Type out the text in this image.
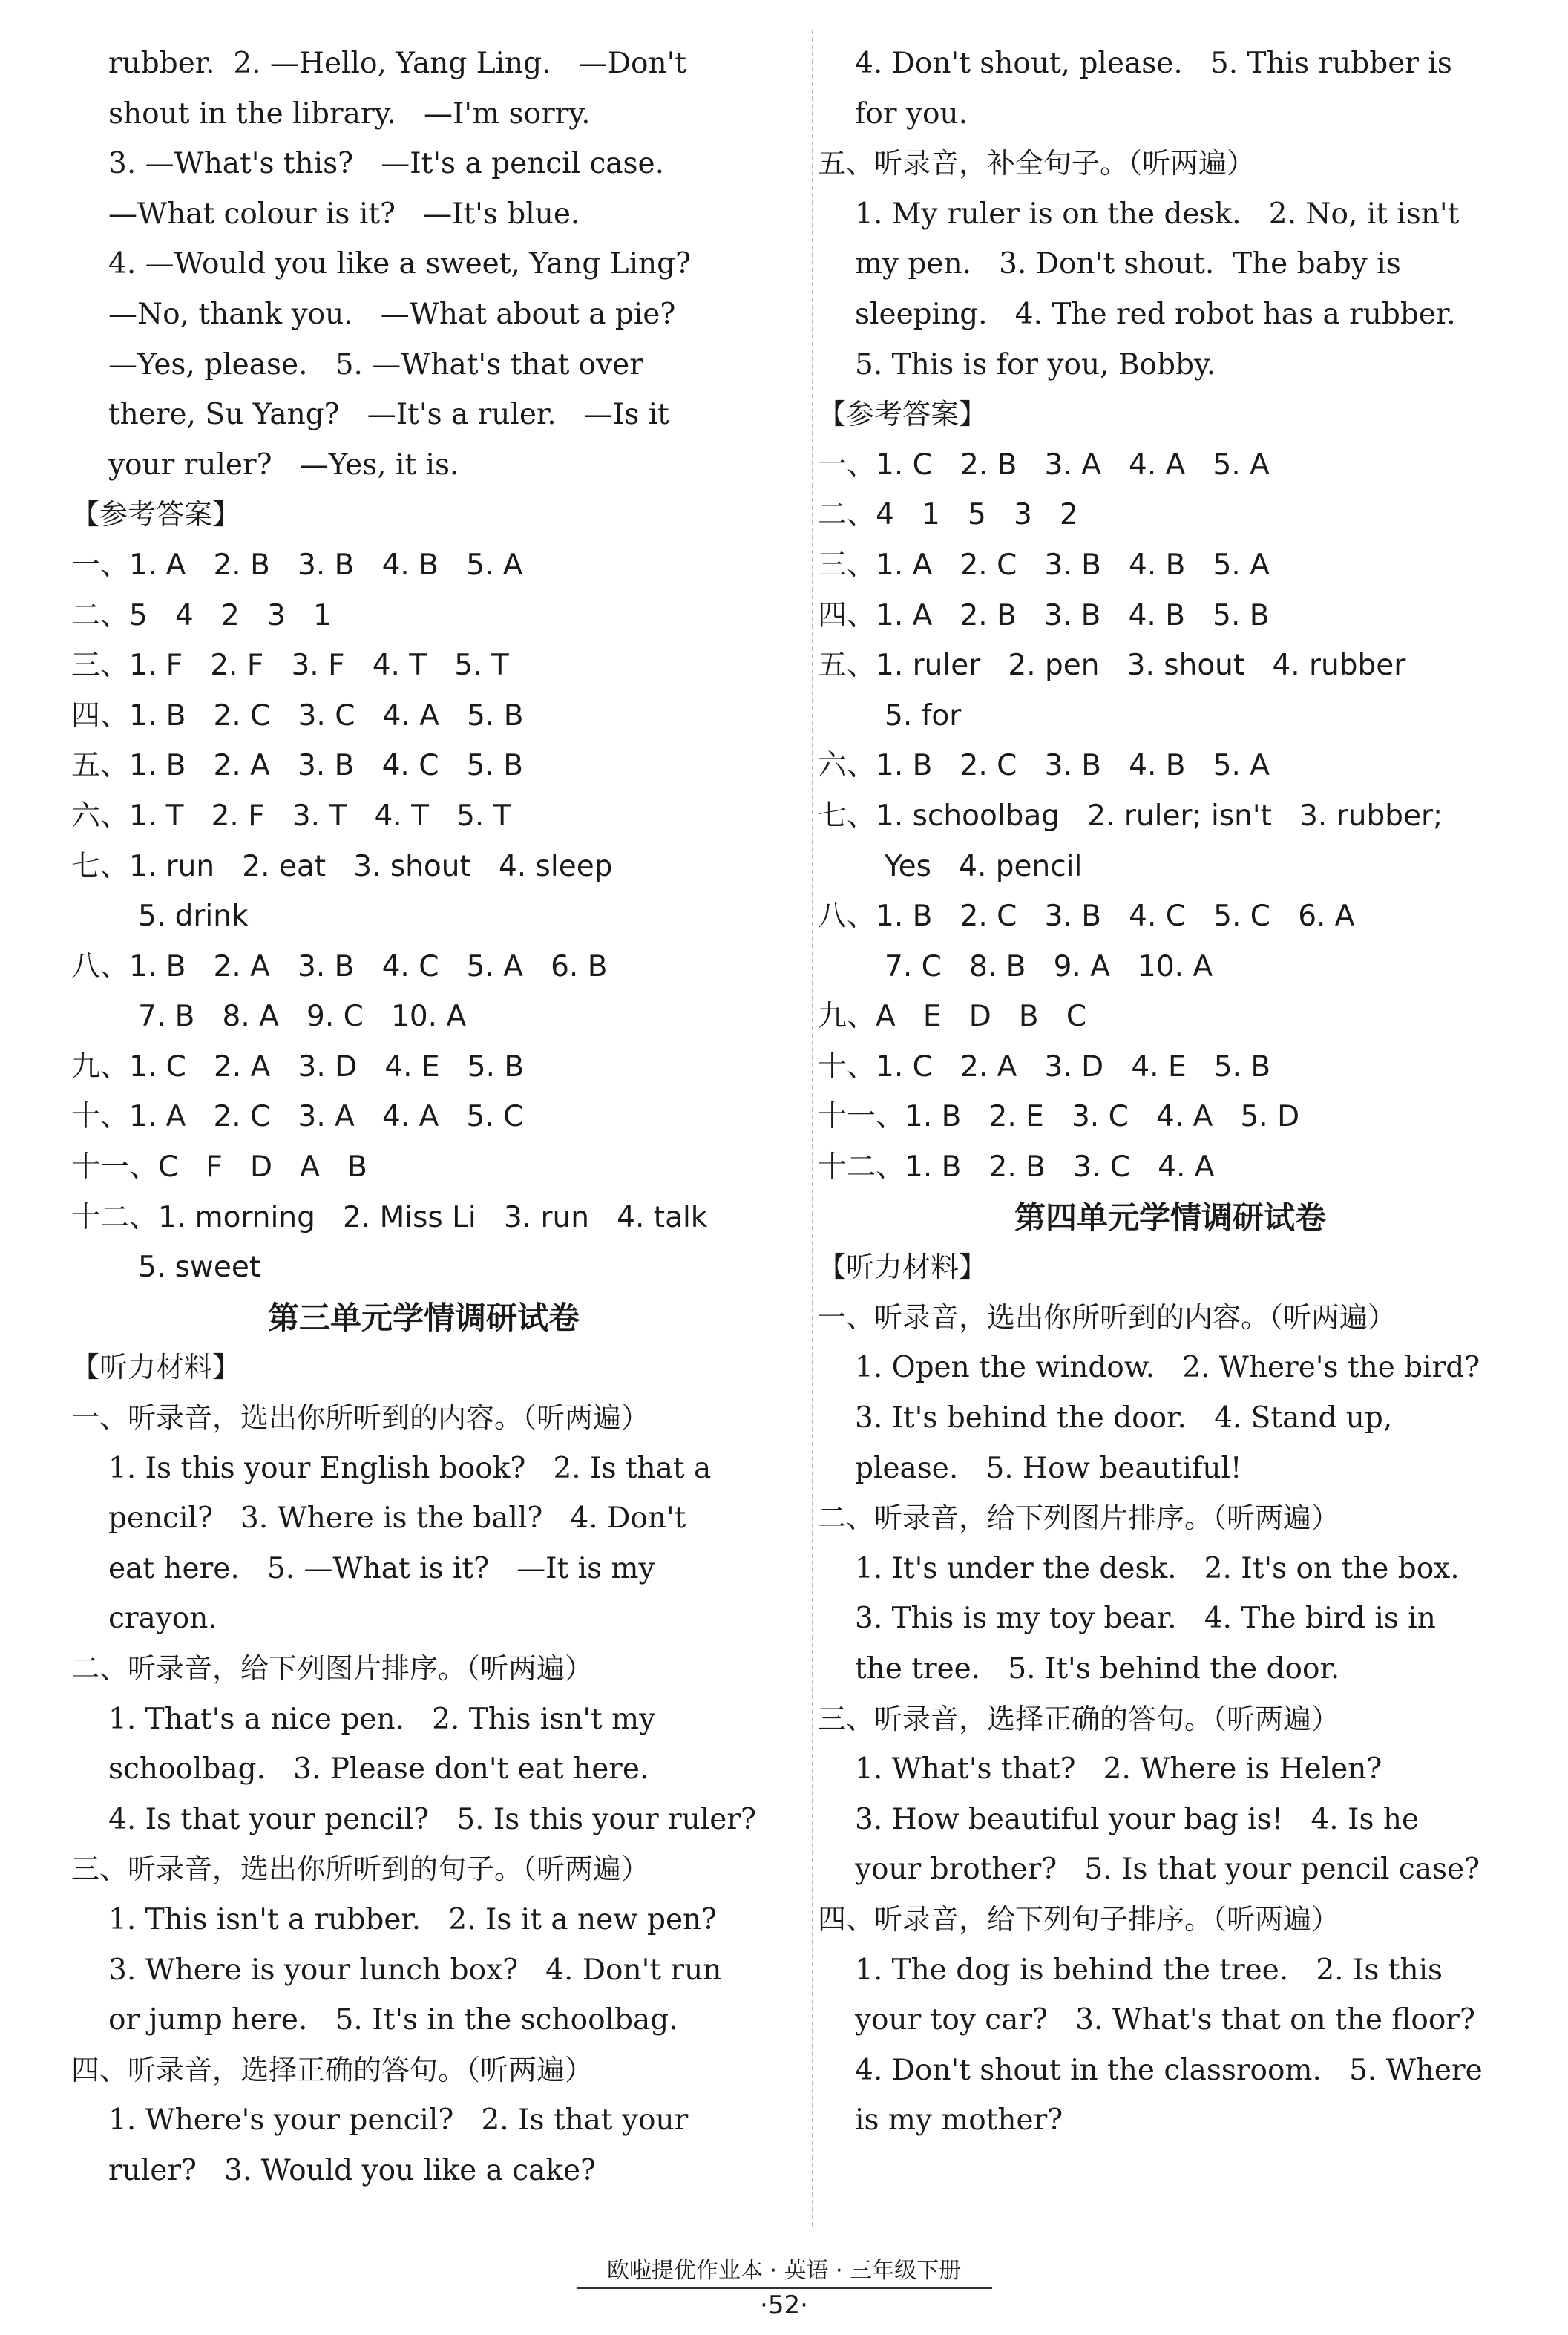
rubber.  2. —Hello, Yang Ling.   —Don't
shout in the library.   —I'm sorry.
3. —What's this?   —It's a pencil case.
—What colour is it?   —It's blue.
4. —Would you like a sweet, Yang Ling?
—No, thank you.   —What about a pie?
—Yes, please.   5. —What's that over
there, Su Yang?   —It's a ruler.   —Is it
your ruler?   —Yes, it is.
【参考答案】
一、1. A   2. B   3. B   4. B   5. A
二、5   4   2   3   1
三、1. F   2. F   3. F   4. T   5. T
四、1. B   2. C   3. C   4. A   5. B
五、1. B   2. A   3. B   4. C   5. B
六、1. T   2. F   3. T   4. T   5. T
七、1. run   2. eat   3. shout   4. sleep
5. drink
八、1. B   2. A   3. B   4. C   5. A   6. B
7. B   8. A   9. C   10. A
九、1. C   2. A   3. D   4. E   5. B
十、1. A   2. C   3. A   4. A   5. C
十一、C   F   D   A   B
十二、1. morning   2. Miss Li   3. run   4. talk
5. sweet
第三单元学情调研试卷
【听力材料】
一、听录音，选出你所听到的内容。（听两遍）
1. Is this your English book?   2. Is that a
pencil?   3. Where is the ball?   4. Don't
eat here.   5. —What is it?   —It is my
crayon.
二、听录音，给下列图片排序。（听两遍）
1. That's a nice pen.   2. This isn't my
schoolbag.   3. Please don't eat here.
4. Is that your pencil?   5. Is this your ruler?
三、听录音，选出你所听到的句子。（听两遍）
1. This isn't a rubber.   2. Is it a new pen?
3. Where is your lunch box?   4. Don't run
or jump here.   5. It's in the schoolbag.
四、听录音，选择正确的答句。（听两遍）
1. Where's your pencil?   2. Is that your
ruler?   3. Would you like a cake?
4. Don't shout, please.   5. This rubber is
for you.
五、听录音，补全句子。（听两遍）
1. My ruler is on the desk.   2. No, it isn't
my pen.   3. Don't shout.  The baby is
sleeping.   4. The red robot has a rubber.
5. This is for you, Bobby.
【参考答案】
一、1. C   2. B   3. A   4. A   5. A
二、4   1   5   3   2
三、1. A   2. C   3. B   4. B   5. A
四、1. A   2. B   3. B   4. B   5. B
五、1. ruler   2. pen   3. shout   4. rubber
5. for
六、1. B   2. C   3. B   4. B   5. A
七、1. schoolbag   2. ruler; isn't   3. rubber;
Yes   4. pencil
八、1. B   2. C   3. B   4. C   5. C   6. A
7. C   8. B   9. A   10. A
九、A   E   D   B   C
十、1. C   2. A   3. D   4. E   5. B
十一、1. B   2. E   3. C   4. A   5. D
十二、1. B   2. B   3. C   4. A
第四单元学情调研试卷
【听力材料】
一、听录音，选出你所听到的内容。（听两遍）
1. Open the window.   2. Where's the bird?
3. It's behind the door.   4. Stand up,
please.   5. How beautiful!
二、听录音，给下列图片排序。（听两遍）
1. It's under the desk.   2. It's on the box.
3. This is my toy bear.   4. The bird is in
the tree.   5. It's behind the door.
三、听录音，选择正确的答句。（听两遍）
1. What's that?   2. Where is Helen?
3. How beautiful your bag is!   4. Is he
your brother?   5. Is that your pencil case?
四、听录音，给下列句子排序。（听两遍）
1. The dog is behind the tree.   2. Is this
your toy car?   3. What's that on the floor?
4. Don't shout in the classroom.   5. Where
is my mother?
欧啦提优作业本 · 英语 · 三年级下册
·52·
